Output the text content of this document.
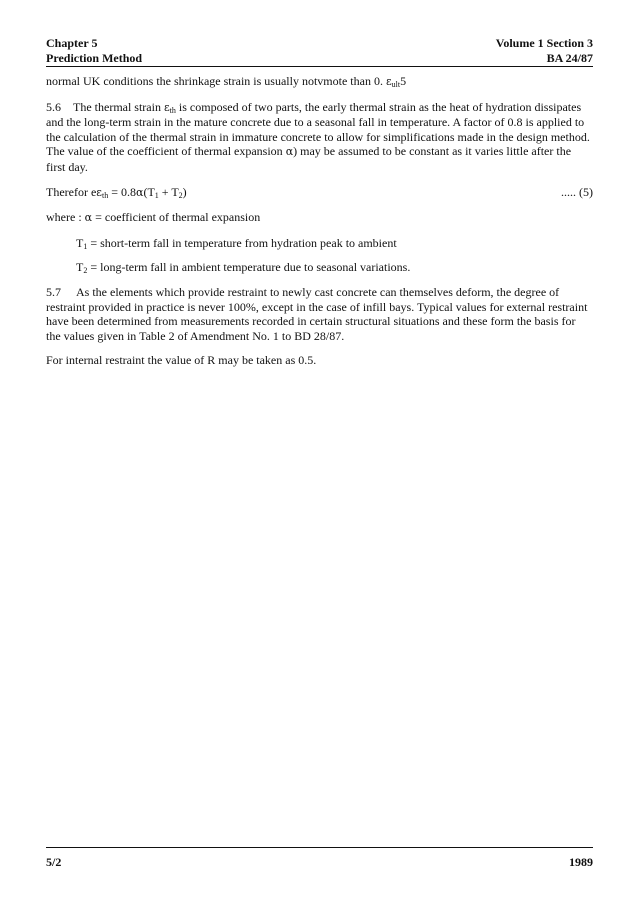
Chapter 5
Prediction Method
Volume 1 Section 3
BA 24/87

normal UK conditions the shrinkage strain is usually notvmote than 0. $\varepsilon_{ult}5$

5.6 The thermal strain $\varepsilon_{th}$ is composed of two parts, the early thermal strain as the heat of hydration dissipates and the long-term strain in the mature concrete due to a seasonal fall in temperature. A factor of 0.8 is applied to the calculation of the thermal strain in immature concrete to allow for simplifications made in the design method. The value of the coefficient of thermal expansion α) may be assumed to be constant as it varies little after the first day.

Therefor $e\varepsilon_{th} = 0.8\alpha(T_1 + T_2)$	..... (5)

where : α = coefficient of thermal expansion

$T_1$ = short-term fall in temperature from hydration peak to ambient

$T_2$ = long-term fall in ambient temperature due to seasonal variations.

5.7 As the elements which provide restraint to newly cast concrete can themselves deform, the degree of restraint provided in practice is never 100%, except in the case of infill bays. Typical values for external restraint have been determined from measurements recorded in certain structural situations and these form the basis for the values given in Table 2 of Amendment No. 1 to BD 28/87.

For internal restraint the value of R may be taken as 0.5.

5/2	1989
